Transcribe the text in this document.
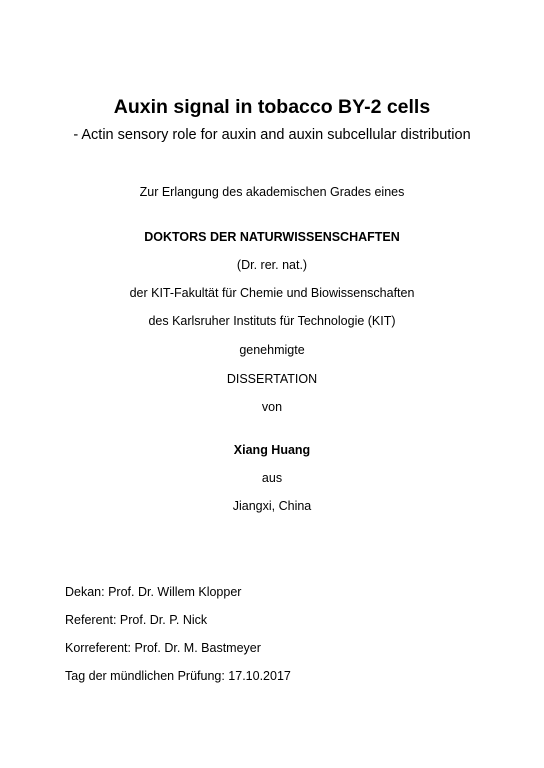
Auxin signal in tobacco BY-2 cells
- Actin sensory role for auxin and auxin subcellular distribution
Zur Erlangung des akademischen Grades eines
DOKTORS DER NATURWISSENSCHAFTEN
(Dr. rer. nat.)
der KIT-Fakultät für Chemie und Biowissenschaften
des Karlsruher Instituts für Technologie (KIT)
genehmigte
DISSERTATION
von
Xiang Huang
aus
Jiangxi, China
Dekan: Prof. Dr. Willem Klopper
Referent: Prof. Dr. P. Nick
Korreferent: Prof. Dr. M. Bastmeyer
Tag der mündlichen Prüfung: 17.10.2017
